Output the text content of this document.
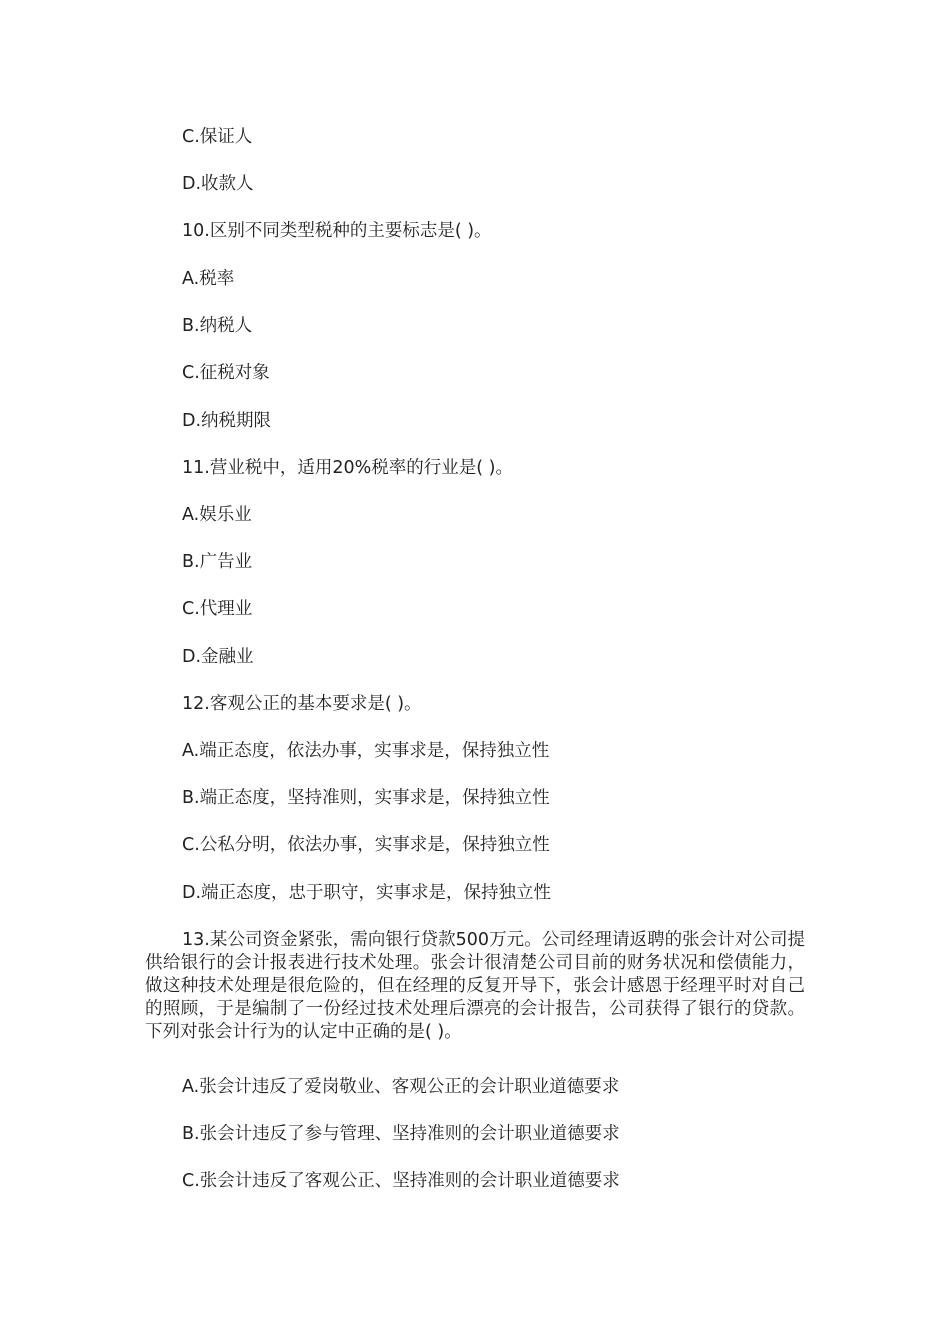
C.保证人
D.收款人
10.区别不同类型税种的主要标志是( )。
A.税率
B.纳税人
C.征税对象
D.纳税期限
11.营业税中，适用20%税率的行业是( )。
A.娱乐业
B.广告业
C.代理业
D.金融业
12.客观公正的基本要求是( )。
A.端正态度，依法办事，实事求是，保持独立性
B.端正态度，坚持准则，实事求是，保持独立性
C.公私分明，依法办事，实事求是，保持独立性
D.端正态度，忠于职守，实事求是，保持独立性
13.某公司资金紧张，需向银行贷款500万元。公司经理请返聘的张会计对公司提供给银行的会计报表进行技术处理。张会计很清楚公司目前的财务状况和偿债能力，做这种技术处理是很危险的，但在经理的反复开导下，张会计感恩于经理平时对自己的照顾，于是编制了一份经过技术处理后漂亮的会计报告，公司获得了银行的贷款。下列对张会计行为的认定中正确的是( )。
A.张会计违反了爱岗敬业、客观公正的会计职业道德要求
B.张会计违反了参与管理、坚持准则的会计职业道德要求
C.张会计违反了客观公正、坚持准则的会计职业道德要求
